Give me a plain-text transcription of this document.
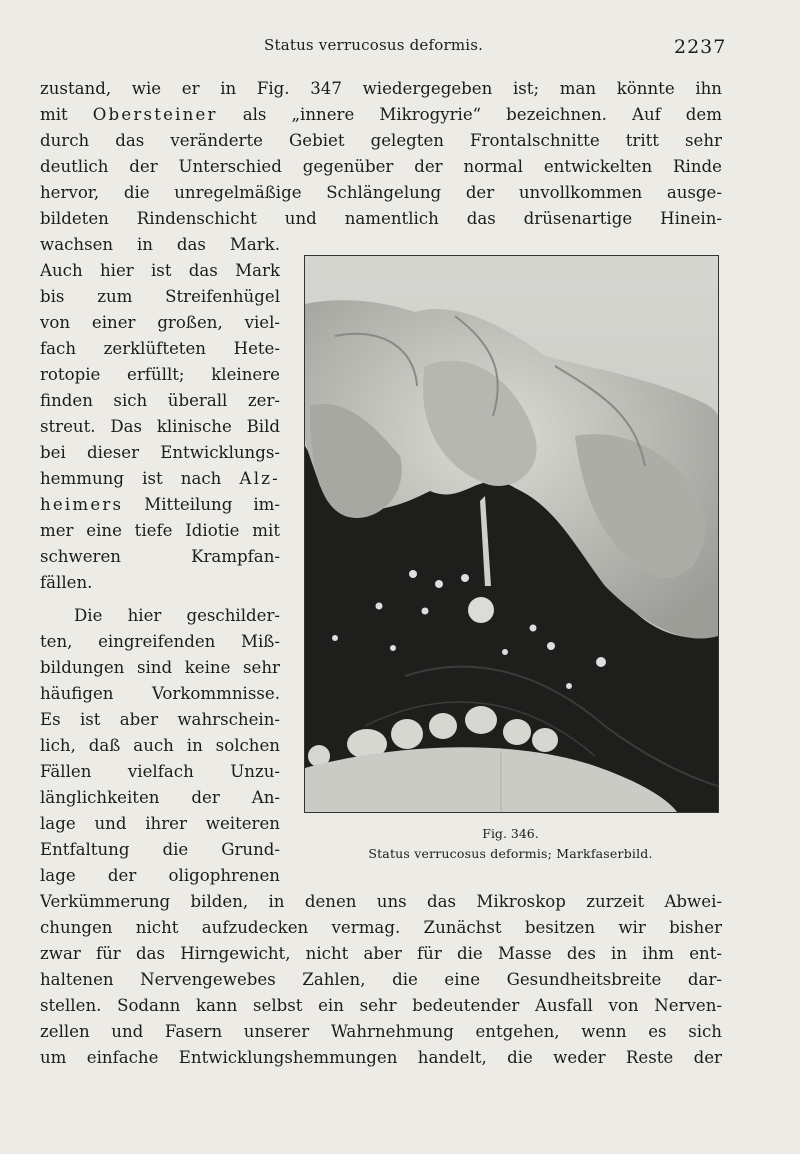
Status verrucosus deformis.	2237
zustand, wie er in Fig. 347 wiedergegeben ist; man könnte ihn
mit Obersteiner als „innere Mikrogyrie“ bezeichnen. Auf dem
durch das veränderte Gebiet gelegten Frontalschnitte tritt sehr
deutlich der Unterschied gegenüber der normal entwickelten Rinde
hervor, die unregelmäßige Schlängelung der unvollkommen ausge-
bildeten Rindenschicht und namentlich das drüsenartige Hinein-
wachsen in das Mark.
Auch hier ist das Mark
bis zum Streifenhügel
von einer großen, viel-
fach zerklüfteten Hete-
rotopie erfüllt; kleinere
finden sich überall zer-
streut. Das klinische Bild
bei dieser Entwicklungs-
hemmung ist nach Alz-
heimers Mitteilung im-
mer eine tiefe Idiotie mit
schweren Krampfan-
fällen.
Die hier geschilder-
ten, eingreifenden Miß-
bildungen sind keine sehr
häufigen Vorkommnisse.
Es ist aber wahrschein-
lich, daß auch in solchen
Fällen vielfach Unzu-
länglichkeiten der An-
lage und ihrer weiteren
Entfaltung die Grund-
lage der oligophrenen
Verkümmerung bilden, in denen uns das Mikroskop zurzeit Abwei-
chungen nicht aufzudecken vermag. Zunächst besitzen wir bisher
zwar für das Hirngewicht, nicht aber für die Masse des in ihm ent-
haltenen Nervengewebes Zahlen, die eine Gesundheitsbreite dar-
stellen. Sodann kann selbst ein sehr bedeutender Ausfall von Nerven-
zellen und Fasern unserer Wahrnehmung entgehen, wenn es sich
um einfache Entwicklungshemmungen handelt, die weder Reste der
Fig. 346.
Status verrucosus deformis; Markfaserbild.
